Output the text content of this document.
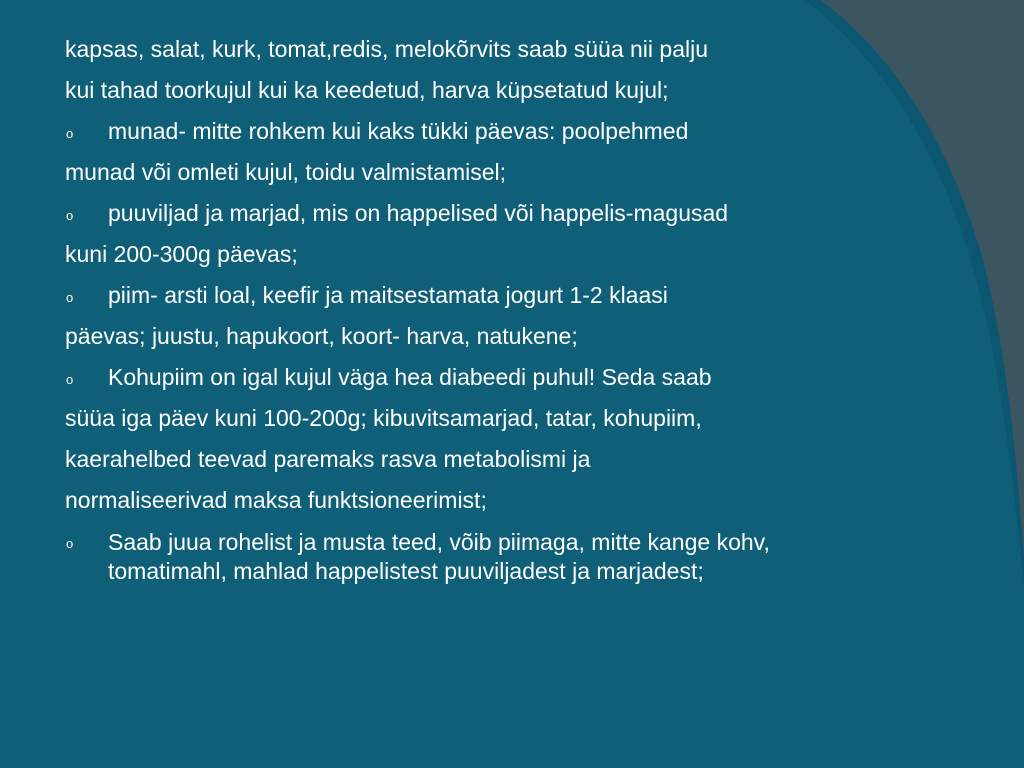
kapsas, salat, kurk, tomat,redis, melokõrvits saab süüa nii palju
kui tahad toorkujul kui ka keedetud, harva küpsetatud kujul;
o munad- mitte rohkem kui kaks tükki päevas: poolpehmed
munad või omleti kujul, toidu valmistamisel;
o puuviljad ja marjad, mis on happelised või happelis-magusad
kuni 200-300g päevas;
o piim- arsti loal, keefir ja maitsestamata jogurt 1-2 klaasi
päevas; juustu, hapukoort, koort- harva, natukene;
o Kohupiim on igal kujul väga hea diabeedi puhul! Seda saab
süüa iga päev kuni 100-200g; kibuvitsamarjad, tatar, kohupiim,
kaerahelbed teevad paremaks rasva metabolismi ja
normaliseerivad maksa funktsioneerimist;
o Saab juua rohelist ja musta teed, võib piimaga, mitte kange kohv, tomatimahl, mahlad happelistest puuviljadest ja marjadest;
